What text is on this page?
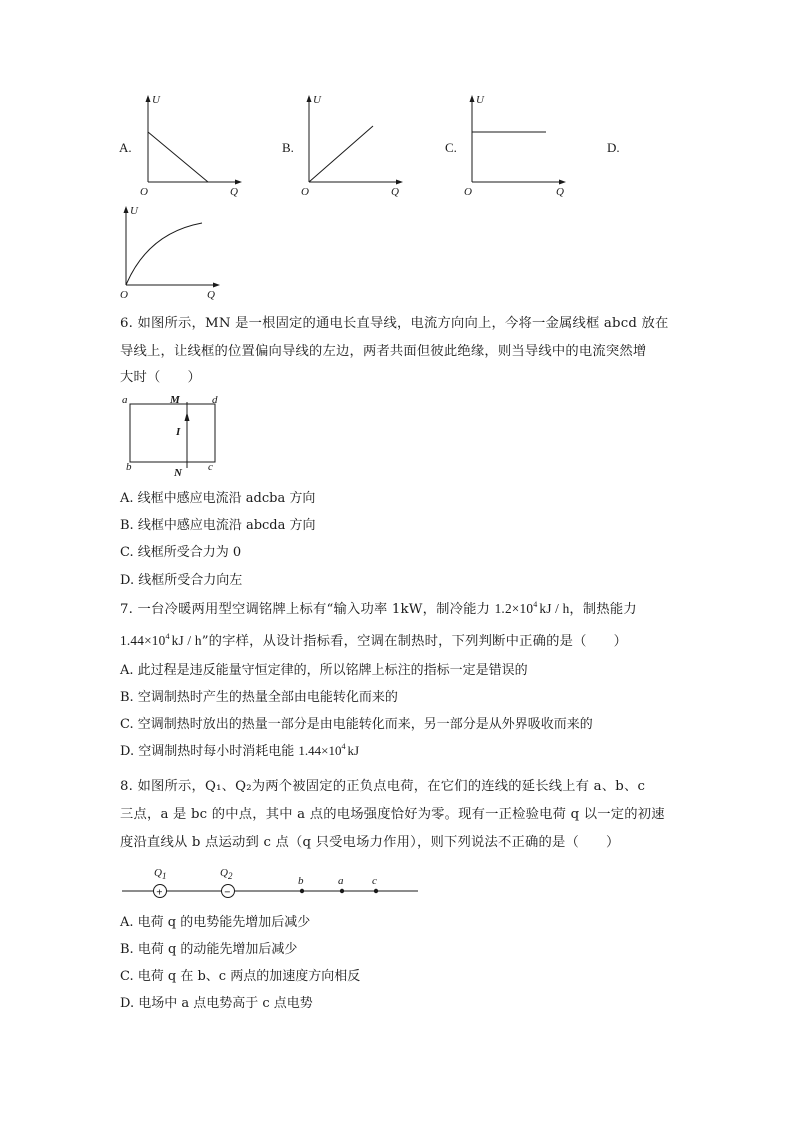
A.
U
Q
O
B.
U
Q
O
C.
U
Q
O
D.
U
Q
O
6. 如图所示，MN 是一根固定的通电长直导线，电流方向向上，今将一金属线框 abcd 放在
导线上，让线框的位置偏向导线的左边，两者共面但彼此绝缘，则当导线中的电流突然增
大时（　　）
a	M	d
I
b	N c
A. 线框中感应电流沿 adcba 方向
B. 线框中感应电流沿 abcda 方向
C. 线框所受合力为 0
D. 线框所受合力向左
7. 一台冷暖两用型空调铭牌上标有“输入功率 1kW，制冷能力 $1.2\times 10^4$ kJ / h，制热能力
$1.44\times 10^4$ kJ / h”的字样，从设计指标看，空调在制热时，下列判断中正确的是（　　）
A. 此过程是违反能量守恒定律的，所以铭牌上标注的指标一定是错误的
B. 空调制热时产生的热量全部由电能转化而来的
C. 空调制热时放出的热量一部分是由电能转化而来，另一部分是从外界吸收而来的
D. 空调制热时每小时消耗电能 $1.44\times 10^4$ kJ
8. 如图所示，Q₁、Q₂为两个被固定的正负点电荷，在它们的连线的延长线上有 a、b、c
三点，a 是 bc 的中点，其中 a 点的电场强度恰好为零。现有一正检验电荷 q 以一定的初速
度沿直线从 b 点运动到 c 点（q 只受电场力作用），则下列说法不正确的是（　　）
$Q_1$
+
$Q_2$
−
b	a	c
A. 电荷 q 的电势能先增加后减少
B. 电荷 q 的动能先增加后减少
C. 电荷 q 在 b、c 两点的加速度方向相反
D. 电场中 a 点电势高于 c 点电势
